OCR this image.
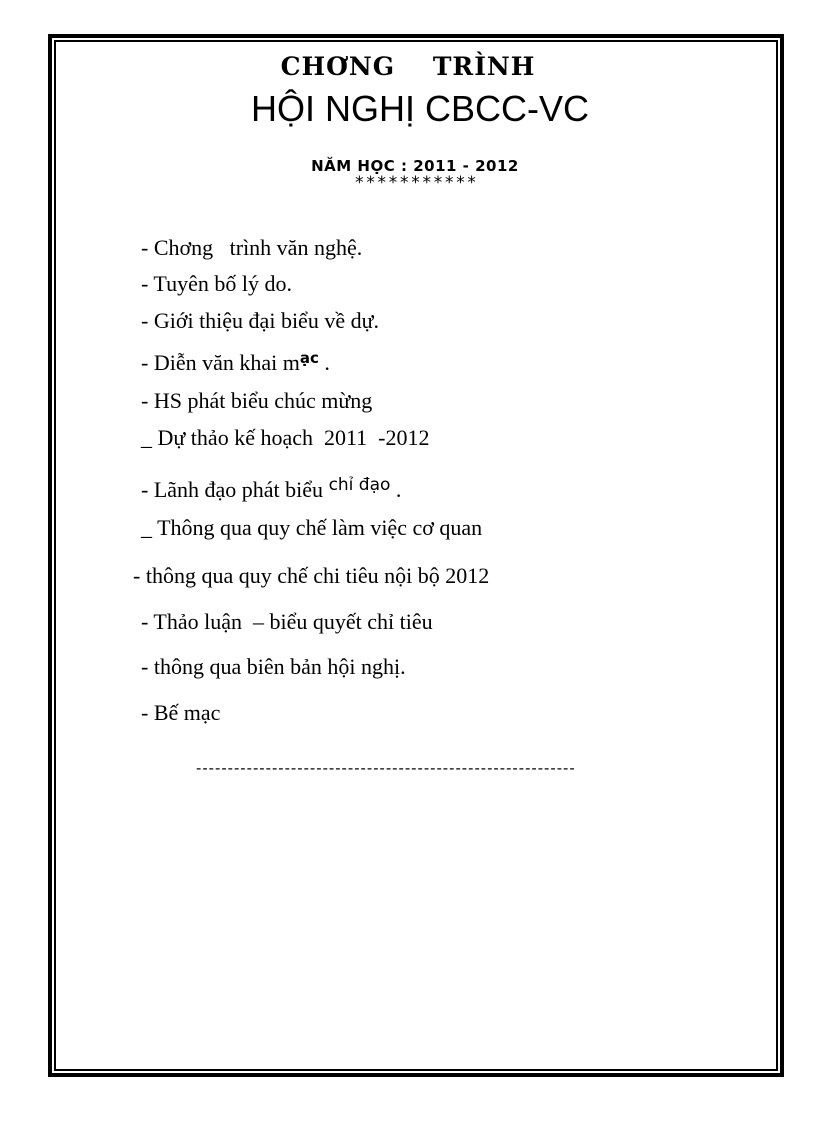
CHƠNG TRÌNH
HỘI NGHỊ CBCC-VC
NĂM HỌC : 2011 - 2012
***********

- Chơng   trình văn nghệ.

- Tuyên bố lý do.

- Giới thiệu đại biểu về dự.

- Diễn văn khai $m^{ạc}$ .

- HS phát biểu chúc mừng

_ Dự thảo kế hoạch  2011  -2012

- Lãnh đạo phát biểu $^{chỉ đạo}$ .

_ Thông qua quy chế làm việc cơ quan

- thông qua quy chế chi tiêu nội bộ 2012

- Thảo luận  – biểu quyết chỉ tiêu

- thông qua biên bản hội nghị.

- Bế mạc

------------------------------------------------------------
